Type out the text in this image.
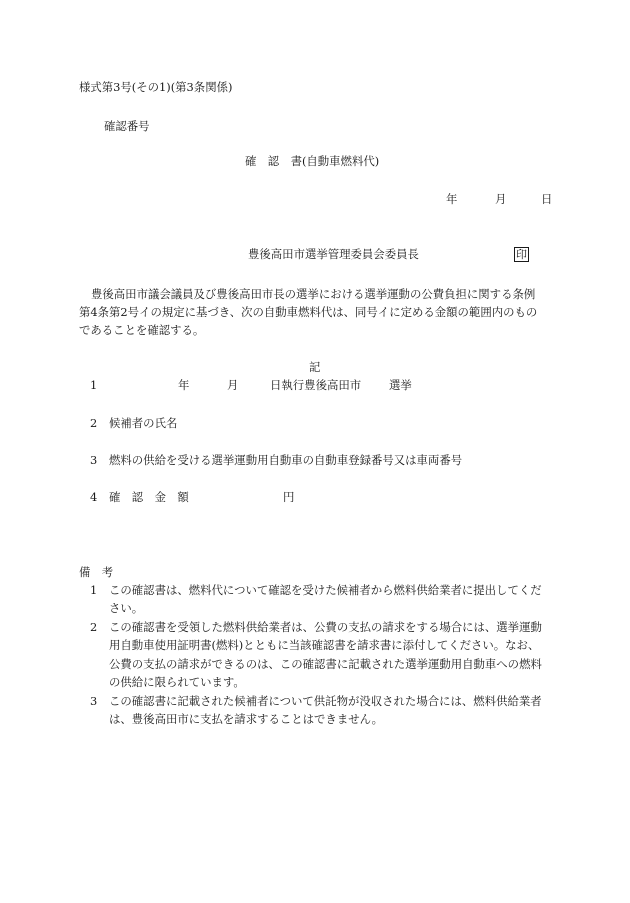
様式第3号(その1)(第3条関係)
確認番号
確　認　書(自動車燃料代)
年	月	日
豊後高田市選挙管理委員会委員長	印
豊後高田市議会議員及び豊後高田市長の選挙における選挙運動の公費負担に関する条例
第4条第2号イの規定に基づき、次の自動車燃料代は、同号イに定める金額の範囲内のもの
であることを確認する。
記
1	年	月	日執行豊後高田市 選挙
2 候補者の氏名
3 燃料の供給を受ける選挙運動用自動車の自動車登録番号又は車両番号
4 確　認　金　額	円
備　考
1 この確認書は、燃料代について確認を受けた候補者から燃料供給業者に提出してくだ
さい。
2 この確認書を受領した燃料供給業者は、公費の支払の請求をする場合には、選挙運動
用自動車使用証明書(燃料)とともに当該確認書を請求書に添付してください。なお、
公費の支払の請求ができるのは、この確認書に記載された選挙運動用自動車への燃料
の供給に限られています。
3 この確認書に記載された候補者について供託物が没収された場合には、燃料供給業者
は、豊後高田市に支払を請求することはできません。
